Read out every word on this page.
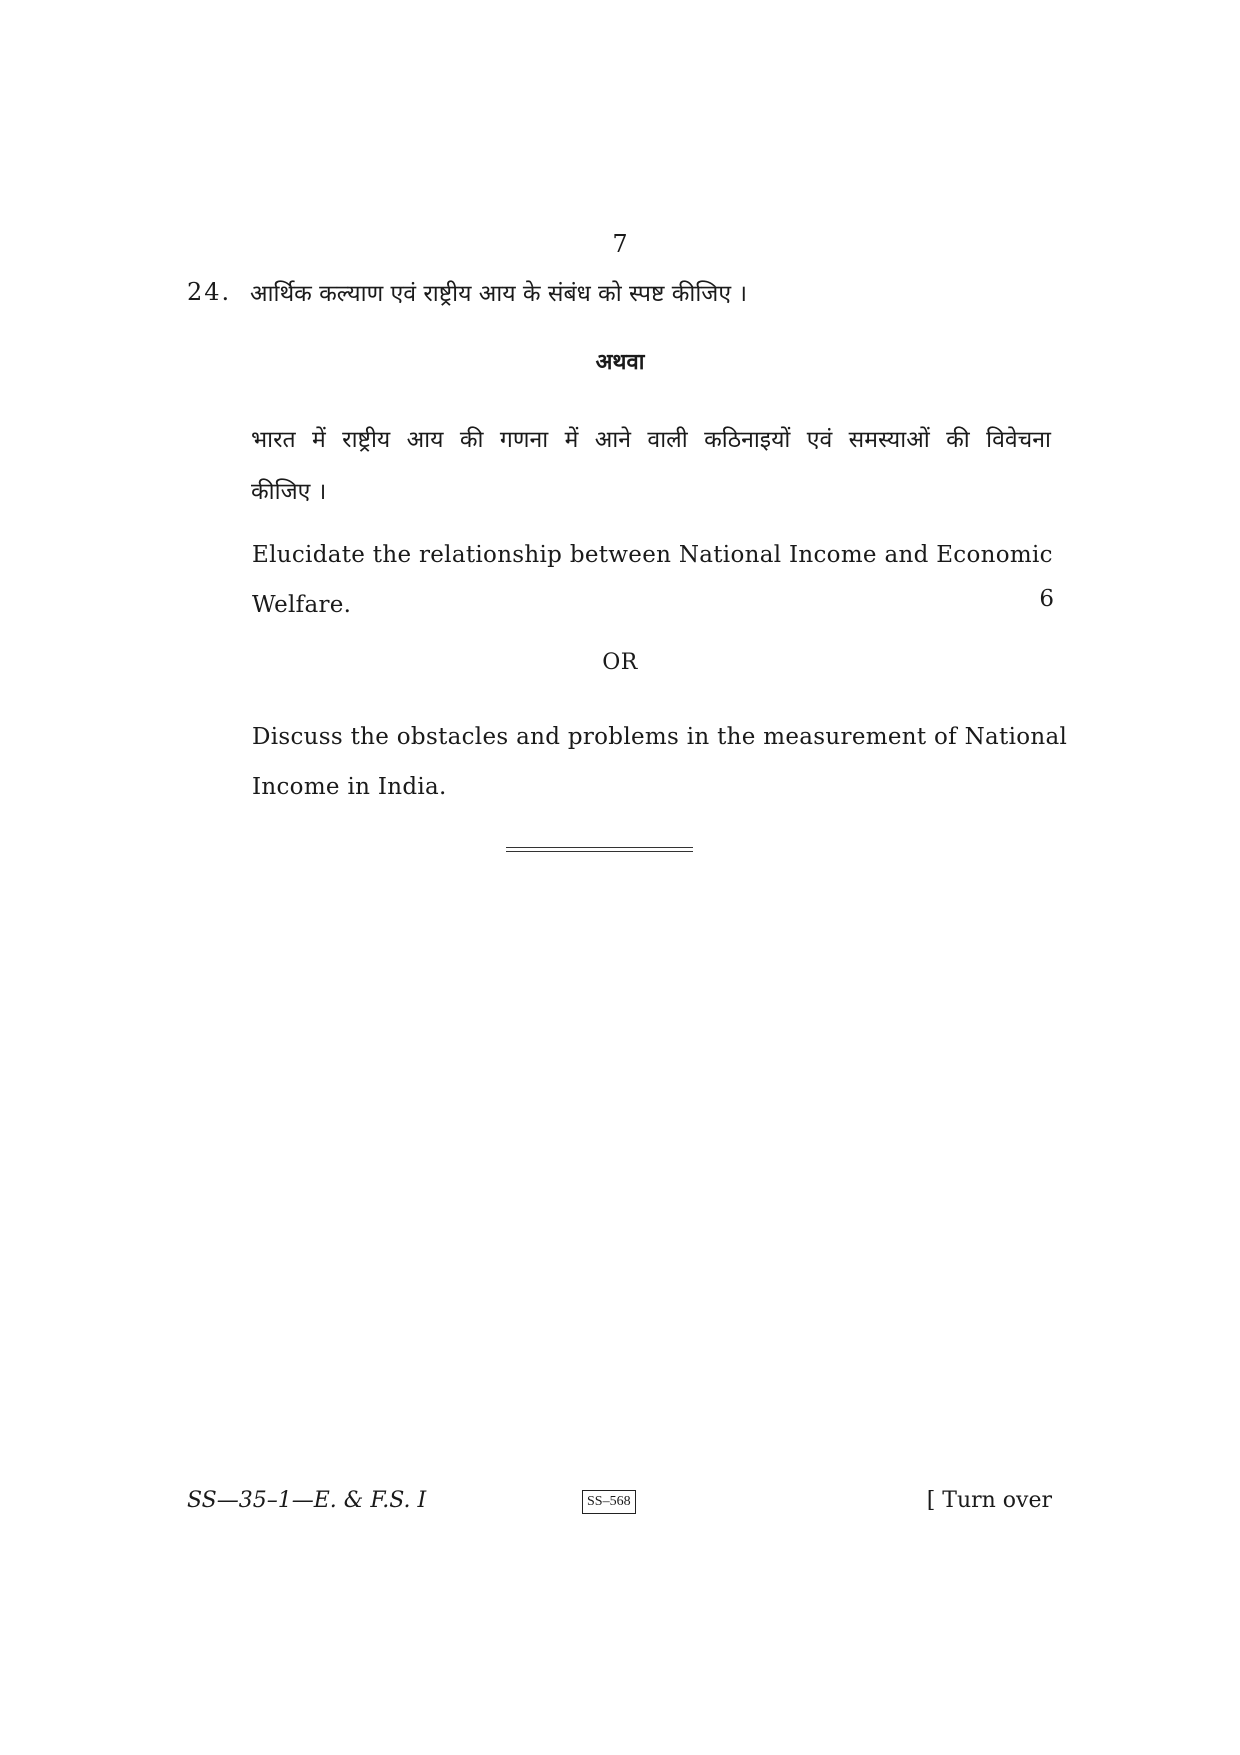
7
24. आर्थिक कल्याण एवं राष्ट्रीय आय के संबंध को स्पष्ट कीजिए ।
अथवा
भारत में राष्ट्रीय आय की गणना में आने वाली कठिनाइयों एवं समस्याओं की विवेचना
कीजिए ।
Elucidate the relationship between National Income and Economic
Welfare.	6
OR
Discuss the obstacles and problems in the measurement of National
Income in India.
SS—35–1—E. & F.S. I	SS–568	[ Turn over
